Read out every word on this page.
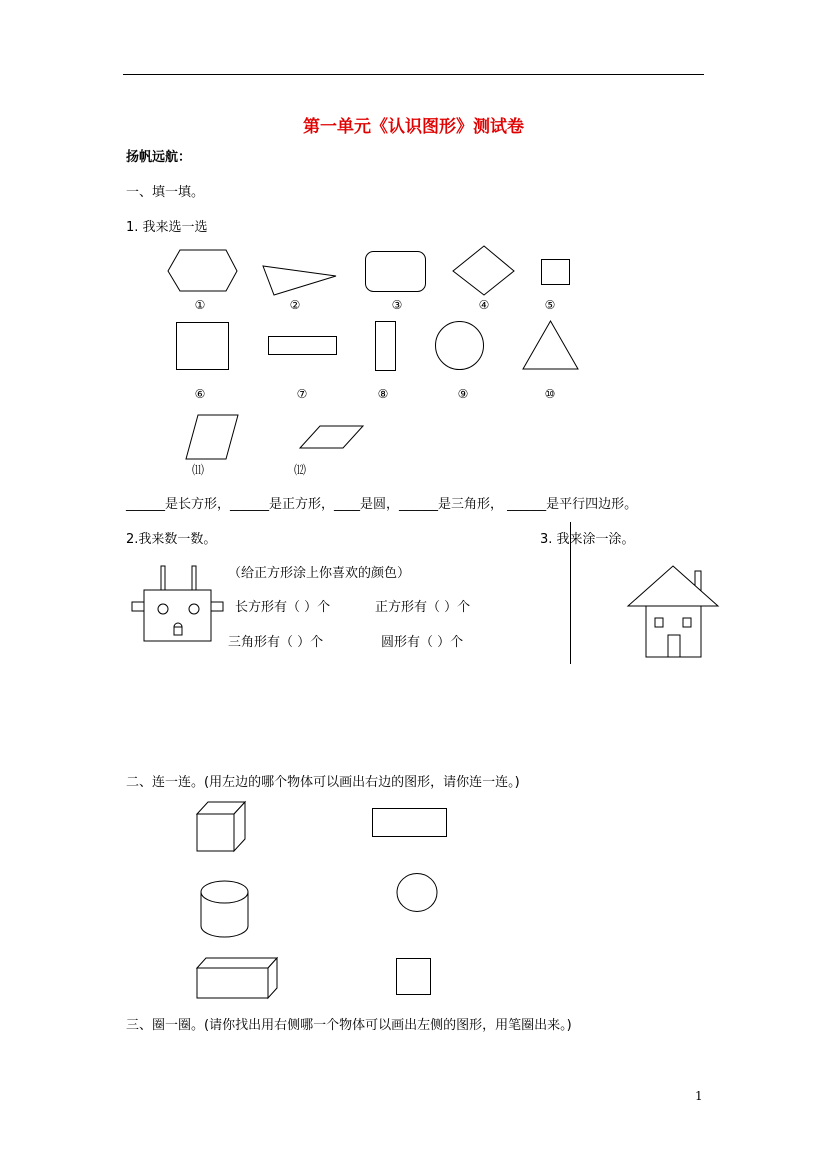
第一单元《认识图形》测试卷
扬帆远航：
一、填一填。
1. 我来选一选
①	②	③	④	⑤
⑥	⑦	⑧	⑨	⑩
⑾	⑿
______是长方形，______是正方形，____是圆，______是三角形， ______是平行四边形。
2.我来数一数。	3. 我来涂一涂。
（给正方形涂上你喜欢的颜色）
长方形有（ ）个	正方形有（ ）个
三角形有（ ）个	圆形有（ ）个
二、连一连。(用左边的哪个物体可以画出右边的图形，请你连一连。)
三、圈一圈。(请你找出用右侧哪一个物体可以画出左侧的图形，用笔圈出来。)
1
